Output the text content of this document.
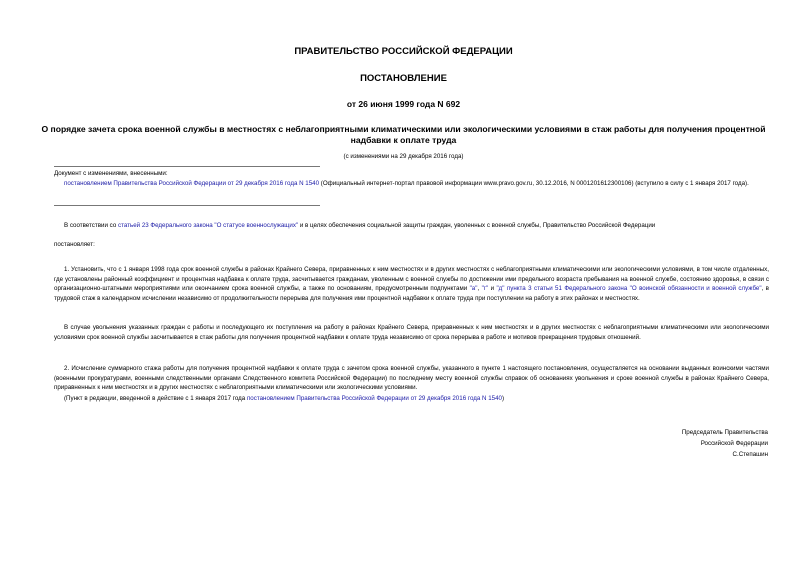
ПРАВИТЕЛЬСТВО РОССИЙСКОЙ ФЕДЕРАЦИИ
ПОСТАНОВЛЕНИЕ
от 26 июня 1999 года N 692
О порядке зачета срока военной службы в местностях с неблагоприятными климатическими или экологическими условиями в стаж работы для получения процентной надбавки к оплате труда
(с изменениями на 29 декабря 2016 года)
Документ с изменениями, внесенными:
постановлением Правительства Российской Федерации от 29 декабря 2016 года N 1540 (Официальный интернет-портал правовой информации www.pravo.gov.ru, 30.12.2016, N 0001201612300106) (вступило в силу с 1 января 2017 года).
В соответствии со статьей 23 Федерального закона "О статусе военнослужащих" и в целях обеспечения социальной защиты граждан, уволенных с военной службы, Правительство Российской Федерации
постановляет:
1. Установить, что с 1 января 1998 года срок военной службы в районах Крайнего Севера, приравненных к ним местностях и в других местностях с неблагоприятными климатическими или экологическими условиями, в том числе отдаленных, где установлены районный коэффициент и процентная надбавка к оплате труда, засчитывается гражданам, уволенным с военной службы по достижении ими предельного возраста пребывания на военной службе, состоянию здоровья, в связи с организационно-штатными мероприятиями или окончанием срока военной службы, а также по основаниям, предусмотренным подпунктами "а", "г" и "д" пункта 3 статьи 51 Федерального закона "О воинской обязанности и военной службе", в трудовой стаж в календарном исчислении независимо от продолжительности перерыва для получения ими процентной надбавки к оплате труда при поступлении на работу в этих районах и местностях.
В случае увольнения указанных граждан с работы и последующего их поступления на работу в районах Крайнего Севера, приравненных к ним местностях и в других местностях с неблагоприятными климатическими или экологическими условиями срок военной службы засчитывается в стаж работы для получения процентной надбавки к оплате труда независимо от срока перерыва в работе и мотивов прекращения трудовых отношений.
2. Исчисление суммарного стажа работы для получения процентной надбавки к оплате труда с зачетом срока военной службы, указанного в пункте 1 настоящего постановления, осуществляется на основании выданных воинскими частями (военными прокуратурами, военными следственными органами Следственного комитета Российской Федерации) по последнему месту военной службы справок об основаниях увольнения и сроке военной службы в районах Крайнего Севера, приравненных к ним местностях и в других местностях с неблагоприятными климатическими или экологическими условиями.
(Пункт в редакции, введенной в действие с 1 января 2017 года постановлением Правительства Российской Федерации от 29 декабря 2016 года N 1540)
Председатель Правительства
Российской Федерации
С.Степашин
